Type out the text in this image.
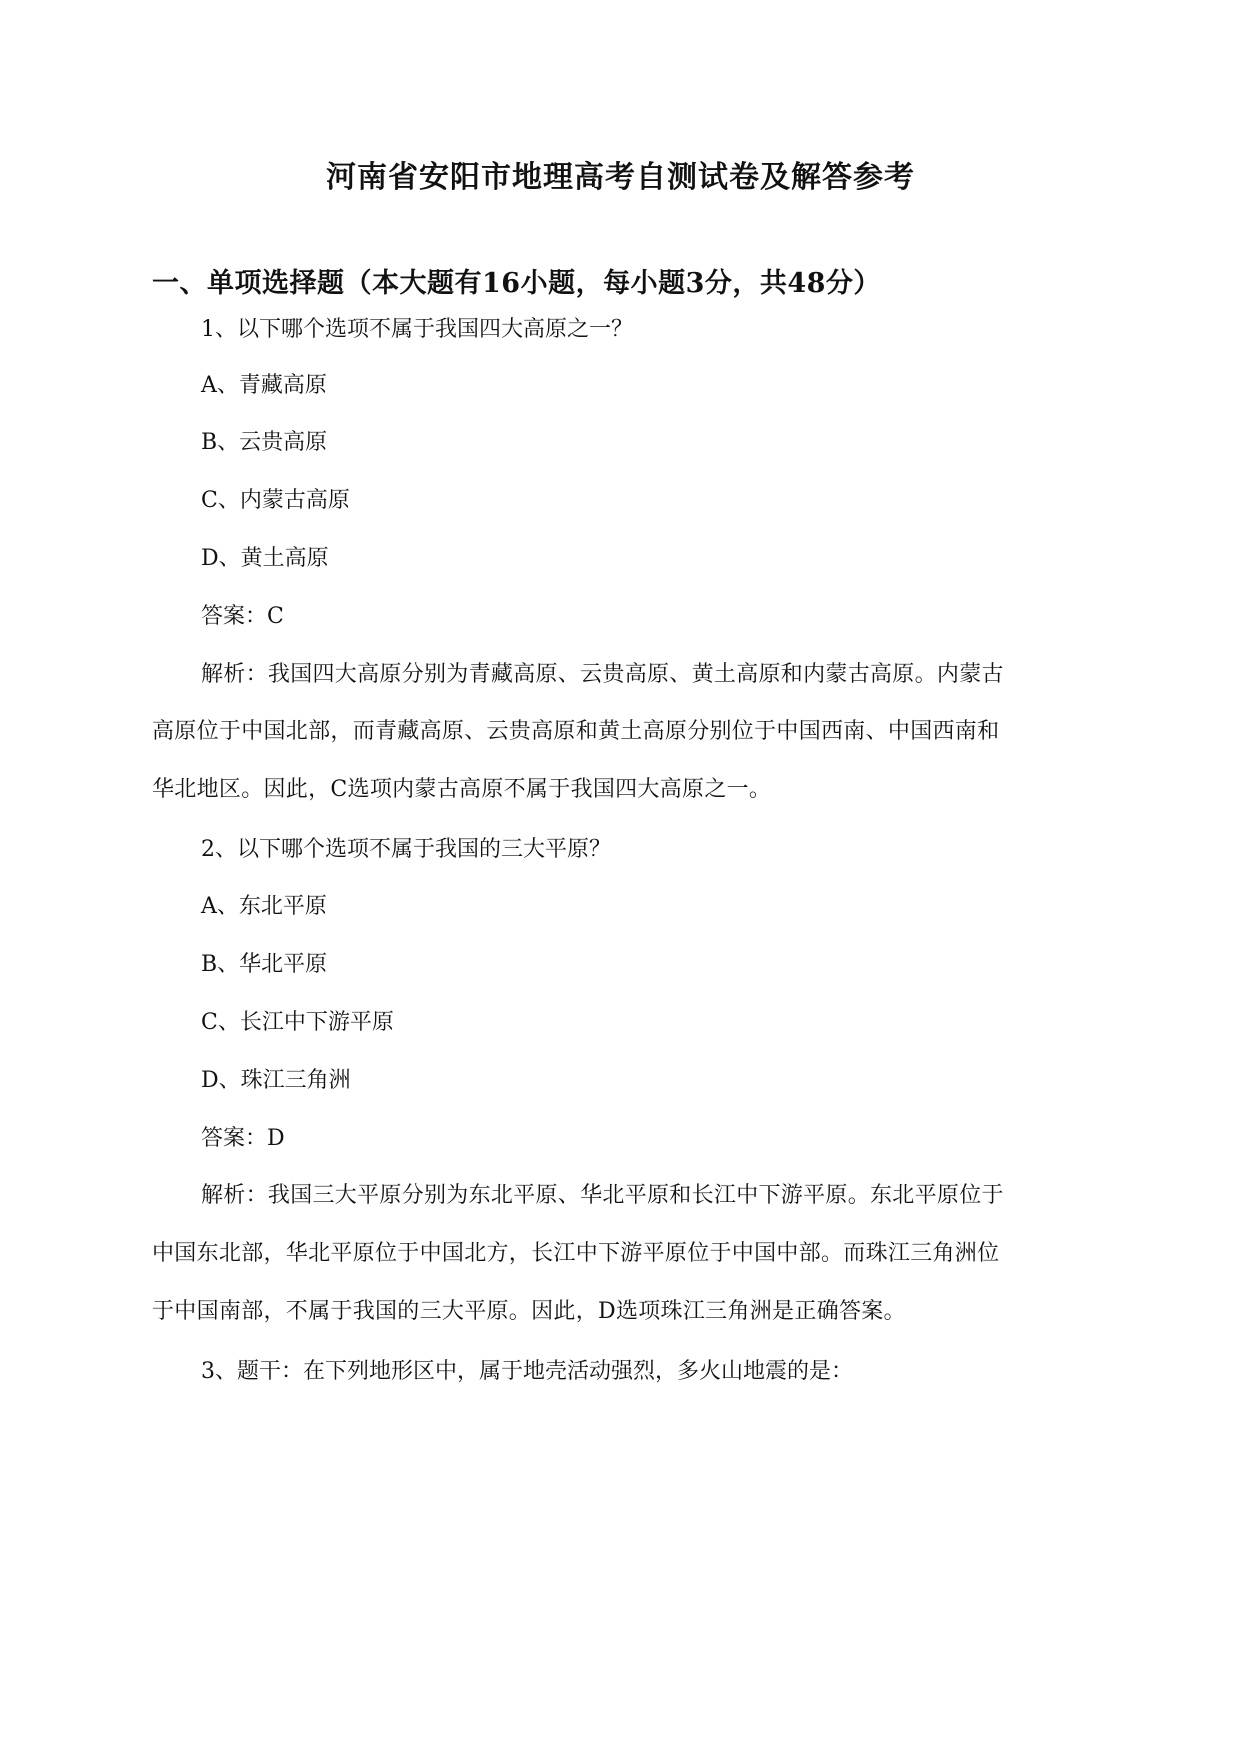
河南省安阳市地理高考自测试卷及解答参考
一、单项选择题（本大题有16小题，每小题3分，共48分）
1、以下哪个选项不属于我国四大高原之一？
A、青藏高原
B、云贵高原
C、内蒙古高原
D、黄土高原
答案：C
解析：我国四大高原分别为青藏高原、云贵高原、黄土高原和内蒙古高原。内蒙古
高原位于中国北部，而青藏高原、云贵高原和黄土高原分别位于中国西南、中国西南和
华北地区。因此，C选项内蒙古高原不属于我国四大高原之一。
2、以下哪个选项不属于我国的三大平原？
A、东北平原
B、华北平原
C、长江中下游平原
D、珠江三角洲
答案：D
解析：我国三大平原分别为东北平原、华北平原和长江中下游平原。东北平原位于
中国东北部，华北平原位于中国北方，长江中下游平原位于中国中部。而珠江三角洲位
于中国南部，不属于我国的三大平原。因此，D选项珠江三角洲是正确答案。
3、题干：在下列地形区中，属于地壳活动强烈，多火山地震的是：
